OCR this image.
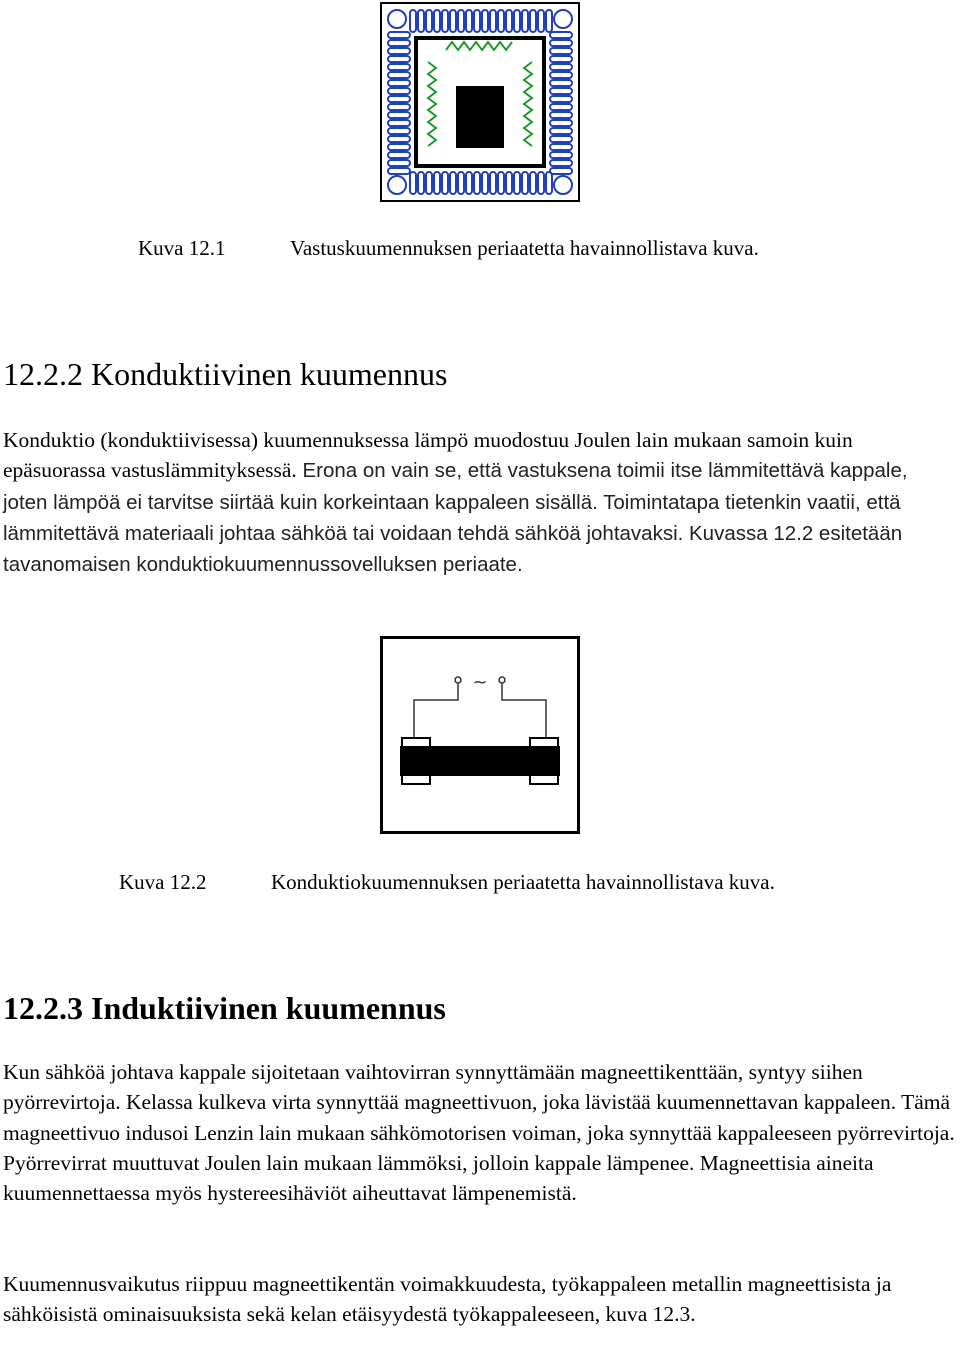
Kuva 12.1	Vastuskuumennuksen periaatetta havainnollistava kuva.
12.2.2 Konduktiivinen kuumennus

Konduktio (konduktiivisessa) kuumennuksessa lämpö muodostuu Joulen lain mukaan samoin kuin epäsuorassa vastuslämmityksessä. Erona on vain se, että vastuksena toimii itse lämmitettävä kappale, joten lämpöä ei tarvitse siirtää kuin korkeintaan kappaleen sisällä. Toimintatapa tietenkin vaatii, että lämmitettävä materiaali johtaa sähköä tai voidaan tehdä sähköä johtavaksi. Kuvassa 12.2 esitetään tavanomaisen konduktiokuumennussovelluksen periaate.

~
Kuva 12.2	Konduktiokuumennuksen periaatetta havainnollistava kuva.
12.2.3 Induktiivinen kuumennus

Kun sähköä johtava kappale sijoitetaan vaihtovirran synnyttämään magneettikenttään, syntyy siihen pyörrevirtoja. Kelassa kulkeva virta synnyttää magneettivuon, joka lävistää kuumennettavan kappaleen. Tämä magneettivuo indusoi Lenzin lain mukaan sähkömotorisen voiman, joka synnyttää kappaleeseen pyörrevirtoja. Pyörrevirrat muuttuvat Joulen lain mukaan lämmöksi, jolloin kappale lämpenee. Magneettisia aineita kuumennettaessa myös hystereesihäviöt aiheuttavat lämpenemistä.

Kuumennusvaikutus riippuu magneettikentän voimakkuudesta, työkappaleen metallin magneettisista ja sähköisistä ominaisuuksista sekä kelan etäisyydestä työkappaleeseen, kuva 12.3.
